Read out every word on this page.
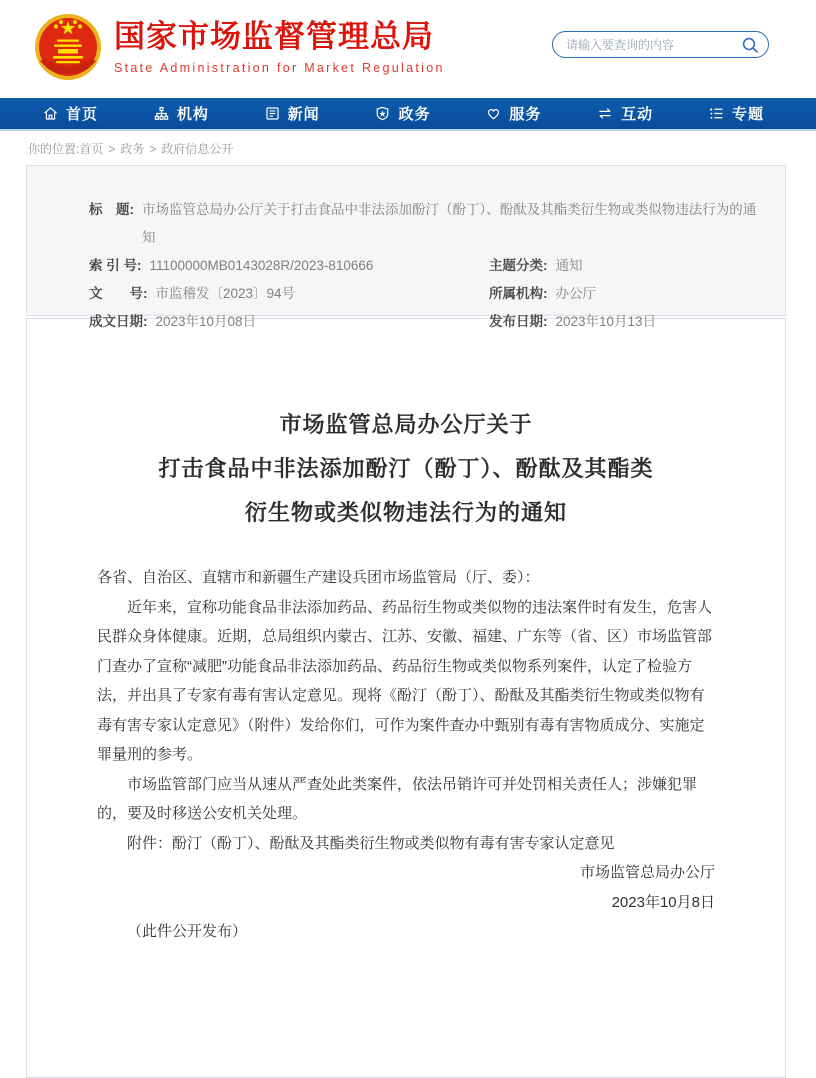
国家市场监督管理总局
State Administration for Market Regulation
请输入要查询的内容
首页	机构	新闻	政务	服务	互动	专题
你的位置:首页 > 政务 > 政府信息公开
标　题: 市场监管总局办公厅关于打击食品中非法添加酚汀（酚丁）、酚酞及其酯类衍生物或类似物违法行为的通知
索 引 号: 11100000MB0143028R/2023-810666	主题分类: 通知
文　　号: 市监稽发〔2023〕94号	所属机构: 办公厅
成文日期: 2023年10月08日	发布日期: 2023年10月13日
市场监管总局办公厅关于
打击食品中非法添加酚汀（酚丁）、酚酞及其酯类
衍生物或类似物违法行为的通知

各省、自治区、直辖市和新疆生产建设兵团市场监管局（厅、委）：

近年来，宣称功能食品非法添加药品、药品衍生物或类似物的违法案件时有发生，危害人民群众身体健康。近期，总局组织内蒙古、江苏、安徽、福建、广东等（省、区）市场监管部门查办了宣称“减肥”功能食品非法添加药品、药品衍生物或类似物系列案件，认定了检验方法，并出具了专家有毒有害认定意见。现将《酚汀（酚丁）、酚酞及其酯类衍生物或类似物有毒有害专家认定意见》（附件）发给你们，可作为案件查办中甄别有毒有害物质成分、实施定罪量刑的参考。

市场监管部门应当从速从严查处此类案件，依法吊销许可并处罚相关责任人；涉嫌犯罪的，要及时移送公安机关处理。

附件：酚汀（酚丁）、酚酞及其酯类衍生物或类似物有毒有害专家认定意见

市场监管总局办公厅

2023年10月8日

（此件公开发布）
